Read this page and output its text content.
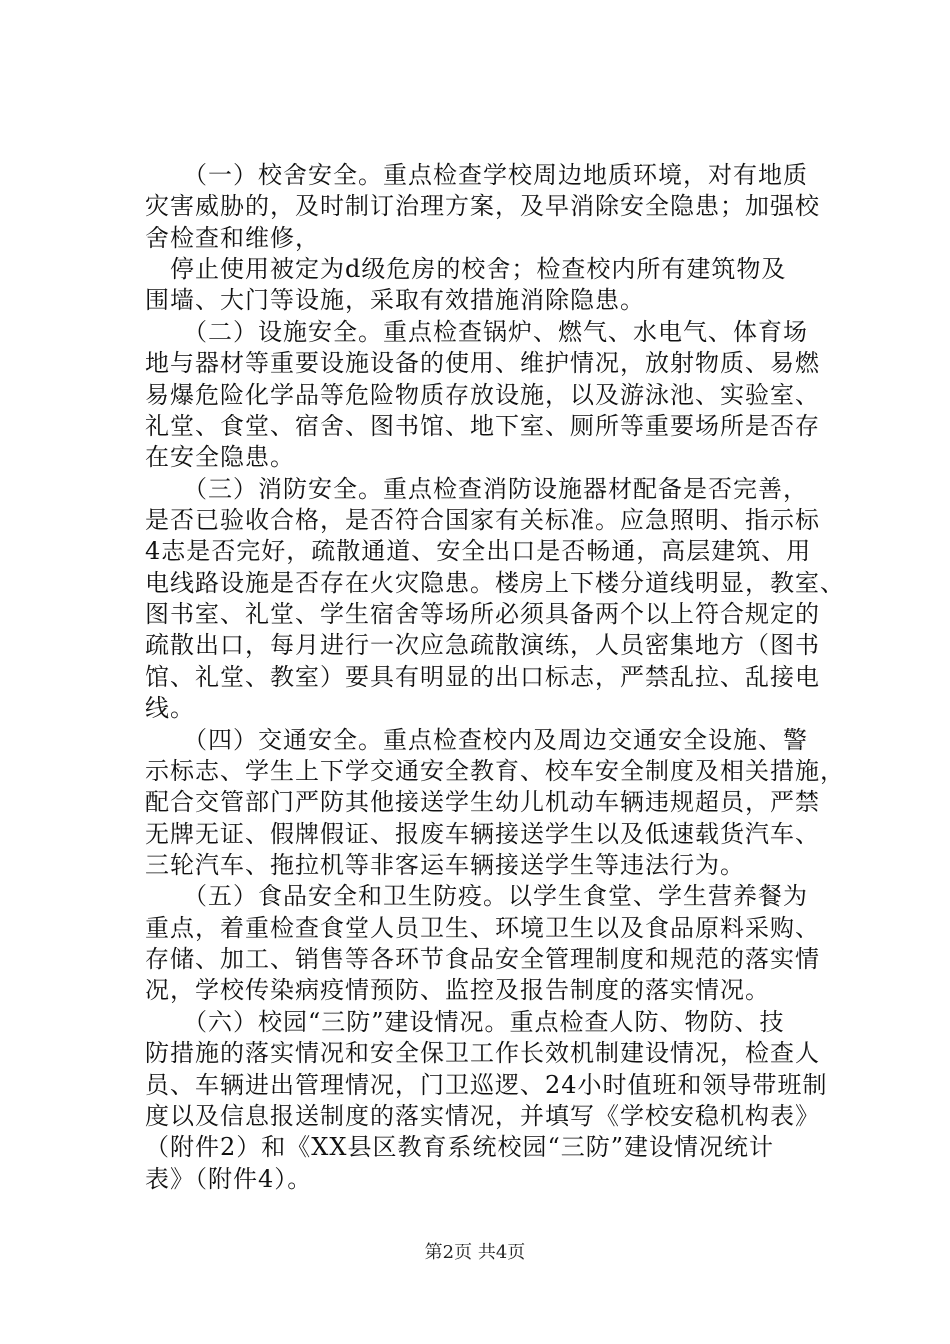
　　（一）校舍安全。重点检查学校周边地质环境，对有地质
灾害威胁的，及时制订治理方案，及早消除安全隐患；加强校
舍检查和维修，
　停止使用被定为d级危房的校舍；检查校内所有建筑物及
围墙、大门等设施，采取有效措施消除隐患。
　　（二）设施安全。重点检查锅炉、燃气、水电气、体育场
地与器材等重要设施设备的使用、维护情况，放射物质、易燃
易爆危险化学品等危险物质存放设施，以及游泳池、实验室、
礼堂、食堂、宿舍、图书馆、地下室、厕所等重要场所是否存
在安全隐患。
　　（三）消防安全。重点检查消防设施器材配备是否完善，
是否已验收合格，是否符合国家有关标准。应急照明、指示标
4志是否完好，疏散通道、安全出口是否畅通，高层建筑、用
电线路设施是否存在火灾隐患。楼房上下楼分道线明显，教室、
图书室、礼堂、学生宿舍等场所必须具备两个以上符合规定的
疏散出口，每月进行一次应急疏散演练，人员密集地方（图书
馆、礼堂、教室）要具有明显的出口标志，严禁乱拉、乱接电
线。
　　（四）交通安全。重点检查校内及周边交通安全设施、警
示标志、学生上下学交通安全教育、校车安全制度及相关措施，
配合交管部门严防其他接送学生幼儿机动车辆违规超员，严禁
无牌无证、假牌假证、报废车辆接送学生以及低速载货汽车、
三轮汽车、拖拉机等非客运车辆接送学生等违法行为。
　　（五）食品安全和卫生防疫。以学生食堂、学生营养餐为
重点，着重检查食堂人员卫生、环境卫生以及食品原料采购、
存储、加工、销售等各环节食品安全管理制度和规范的落实情
况，学校传染病疫情预防、监控及报告制度的落实情况。
　　（六）校园“三防”建设情况。重点检查人防、物防、技
防措施的落实情况和安全保卫工作长效机制建设情况，检查人
员、车辆进出管理情况，门卫巡逻、24小时值班和领导带班制
度以及信息报送制度的落实情况，并填写《学校安稳机构表》
（附件2）和《XX县区教育系统校园“三防”建设情况统计
表》（附件4）。
第2页 共4页
